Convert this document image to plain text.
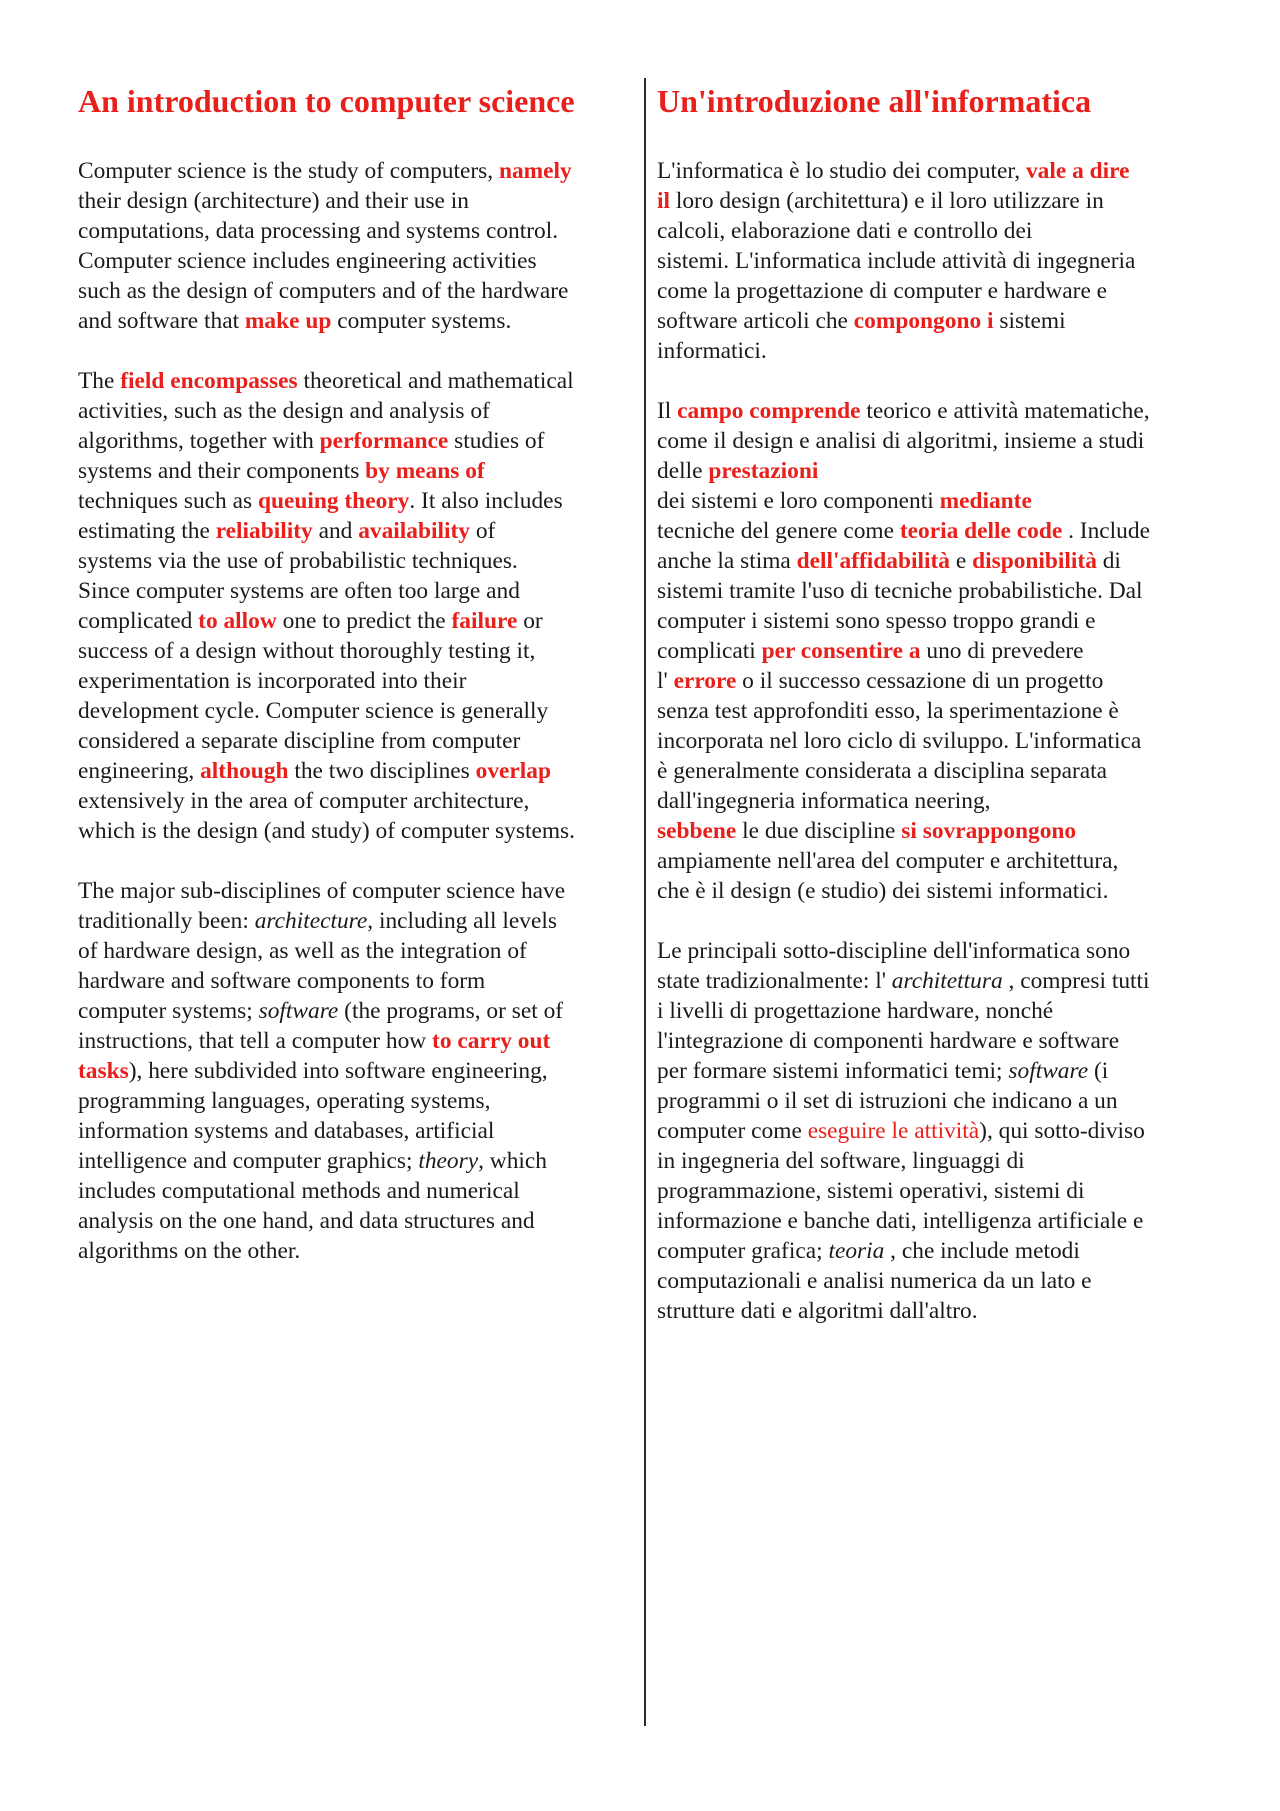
An introduction to computer science

Computer science is the study of computers, namely
their design (architecture) and their use in
computations, data processing and systems control.
Computer science includes engineering activities
such as the design of computers and of the hardware
and software that make up computer systems.

The field encompasses theoretical and mathematical
activities, such as the design and analysis of
algorithms, together with performance studies of
systems and their components by means of
techniques such as queuing theory. It also includes
estimating the reliability and availability of
systems via the use of probabilistic techniques.
Since computer systems are often too large and
complicated to allow one to predict the failure or
success of a design without thoroughly testing it,
experimentation is incorporated into their
development cycle. Computer science is generally
considered a separate discipline from computer
engineering, although the two disciplines overlap
extensively in the area of computer architecture,
which is the design (and study) of computer systems.

The major sub-disciplines of computer science have
traditionally been: architecture, including all levels
of hardware design, as well as the integration of
hardware and software components to form
computer systems; software (the programs, or set of
instructions, that tell a computer how to carry out
tasks), here subdivided into software engineering,
programming languages, operating systems,
information systems and databases, artificial
intelligence and computer graphics; theory, which
includes computational methods and numerical
analysis on the one hand, and data structures and
algorithms on the other.

Un'introduzione all'informatica

L'informatica è lo studio dei computer, vale a dire
il loro design (architettura) e il loro utilizzare in
calcoli, elaborazione dati e controllo dei
sistemi. L'informatica include attività di ingegneria
come la progettazione di computer e hardware e
software articoli che compongono i sistemi
informatici.

Il campo comprende teorico e attività matematiche,
come il design e analisi di algoritmi, insieme a studi
delle prestazioni
dei sistemi e loro componenti mediante
tecniche del genere come teoria delle code . Include
anche la stima dell'affidabilità e disponibilità di
sistemi tramite l'uso di tecniche probabilistiche. Dal
computer i sistemi sono spesso troppo grandi e
complicati per consentire a uno di prevedere
l' errore o il successo cessazione di un progetto
senza test approfonditi esso, la sperimentazione è
incorporata nel loro ciclo di sviluppo. L'informatica
è generalmente considerata a disciplina separata
dall'ingegneria informatica neering,
sebbene le due discipline si sovrappongono
ampiamente nell'area del computer e architettura,
che è il design (e studio) dei sistemi informatici.

Le principali sotto-discipline dell'informatica sono
state tradizionalmente: l' architettura , compresi tutti
i livelli di progettazione hardware, nonché
l'integrazione di componenti hardware e software
per formare sistemi informatici temi; software (i
programmi o il set di istruzioni che indicano a un
computer come eseguire le attività), qui sotto-diviso
in ingegneria del software, linguaggi di
programmazione, sistemi operativi, sistemi di
informazione e banche dati, intelligenza artificiale e
computer grafica; teoria , che include metodi
computazionali e analisi numerica da un lato e
strutture dati e algoritmi dall'altro.
